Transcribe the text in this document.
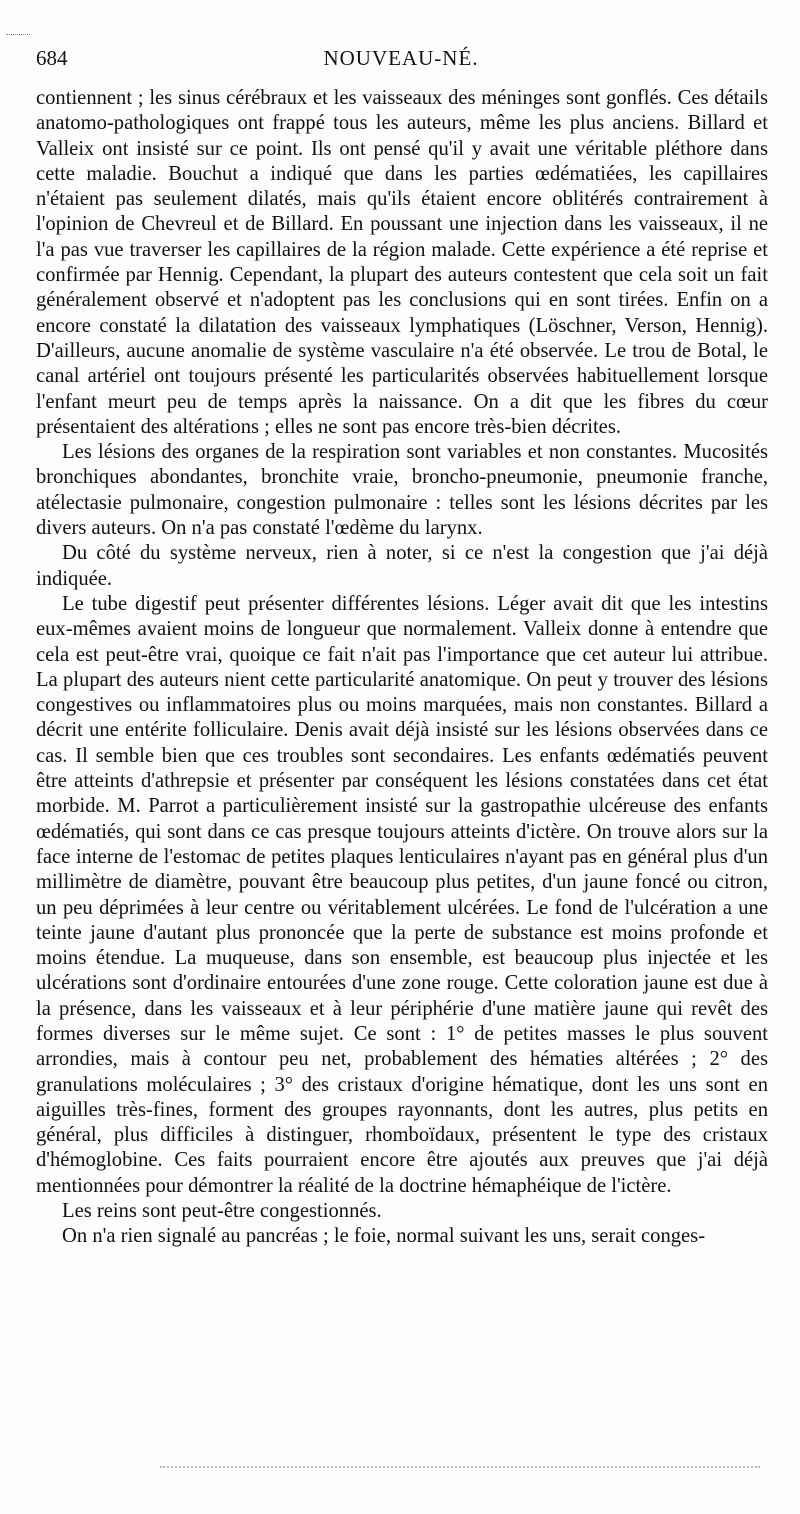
684	NOUVEAU-NÉ.

contiennent ; les sinus cérébraux et les vaisseaux des méninges sont gonflés. Ces détails anatomo-pathologiques ont frappé tous les auteurs, même les plus anciens. Billard et Valleix ont insisté sur ce point. Ils ont pensé qu'il y avait une véritable pléthore dans cette maladie. Bouchut a indiqué que dans les parties œdématiées, les capillaires n'étaient pas seulement dilatés, mais qu'ils étaient encore oblitérés contrairement à l'opinion de Chevreul et de Billard. En poussant une injection dans les vaisseaux, il ne l'a pas vue traverser les capillaires de la région malade. Cette expérience a été reprise et confirmée par Hennig. Cependant, la plupart des auteurs contestent que cela soit un fait généralement observé et n'adoptent pas les conclusions qui en sont tirées. Enfin on a encore constaté la dilatation des vaisseaux lymphatiques (Löschner, Verson, Hennig). D'ailleurs, aucune anomalie de système vasculaire n'a été observée. Le trou de Botal, le canal artériel ont toujours présenté les particularités observées habituellement lorsque l'enfant meurt peu de temps après la naissance. On a dit que les fibres du cœur présentaient des altérations ; elles ne sont pas encore très-bien décrites.

Les lésions des organes de la respiration sont variables et non constantes. Mucosités bronchiques abondantes, bronchite vraie, broncho-pneumonie, pneumonie franche, atélectasie pulmonaire, congestion pulmonaire : telles sont les lésions décrites par les divers auteurs. On n'a pas constaté l'œdème du larynx.

Du côté du système nerveux, rien à noter, si ce n'est la congestion que j'ai déjà indiquée.

Le tube digestif peut présenter différentes lésions. Léger avait dit que les intestins eux-mêmes avaient moins de longueur que normalement. Valleix donne à entendre que cela est peut-être vrai, quoique ce fait n'ait pas l'importance que cet auteur lui attribue. La plupart des auteurs nient cette particularité anatomique. On peut y trouver des lésions congestives ou inflammatoires plus ou moins marquées, mais non constantes. Billard a décrit une entérite folliculaire. Denis avait déjà insisté sur les lésions observées dans ce cas. Il semble bien que ces troubles sont secondaires. Les enfants œdématiés peuvent être atteints d'athrepsie et présenter par conséquent les lésions constatées dans cet état morbide. M. Parrot a particulièrement insisté sur la gastropathie ulcéreuse des enfants œdématiés, qui sont dans ce cas presque toujours atteints d'ictère. On trouve alors sur la face interne de l'estomac de petites plaques lenticulaires n'ayant pas en général plus d'un millimètre de diamètre, pouvant être beaucoup plus petites, d'un jaune foncé ou citron, un peu déprimées à leur centre ou véritablement ulcérées. Le fond de l'ulcération a une teinte jaune d'autant plus prononcée que la perte de substance est moins profonde et moins étendue. La muqueuse, dans son ensemble, est beaucoup plus injectée et les ulcérations sont d'ordinaire entourées d'une zone rouge. Cette coloration jaune est due à la présence, dans les vaisseaux et à leur périphérie d'une matière jaune qui revêt des formes diverses sur le même sujet. Ce sont : 1° de petites masses le plus souvent arrondies, mais à contour peu net, probablement des hématies altérées ; 2° des granulations moléculaires ; 3° des cristaux d'origine hématique, dont les uns sont en aiguilles très-fines, forment des groupes rayonnants, dont les autres, plus petits en général, plus difficiles à distinguer, rhomboïdaux, présentent le type des cristaux d'hémoglobine. Ces faits pourraient encore être ajoutés aux preuves que j'ai déjà mentionnées pour démontrer la réalité de la doctrine hémaphéique de l'ictère.

Les reins sont peut-être congestionnés.

On n'a rien signalé au pancréas ; le foie, normal suivant les uns, serait conges-
